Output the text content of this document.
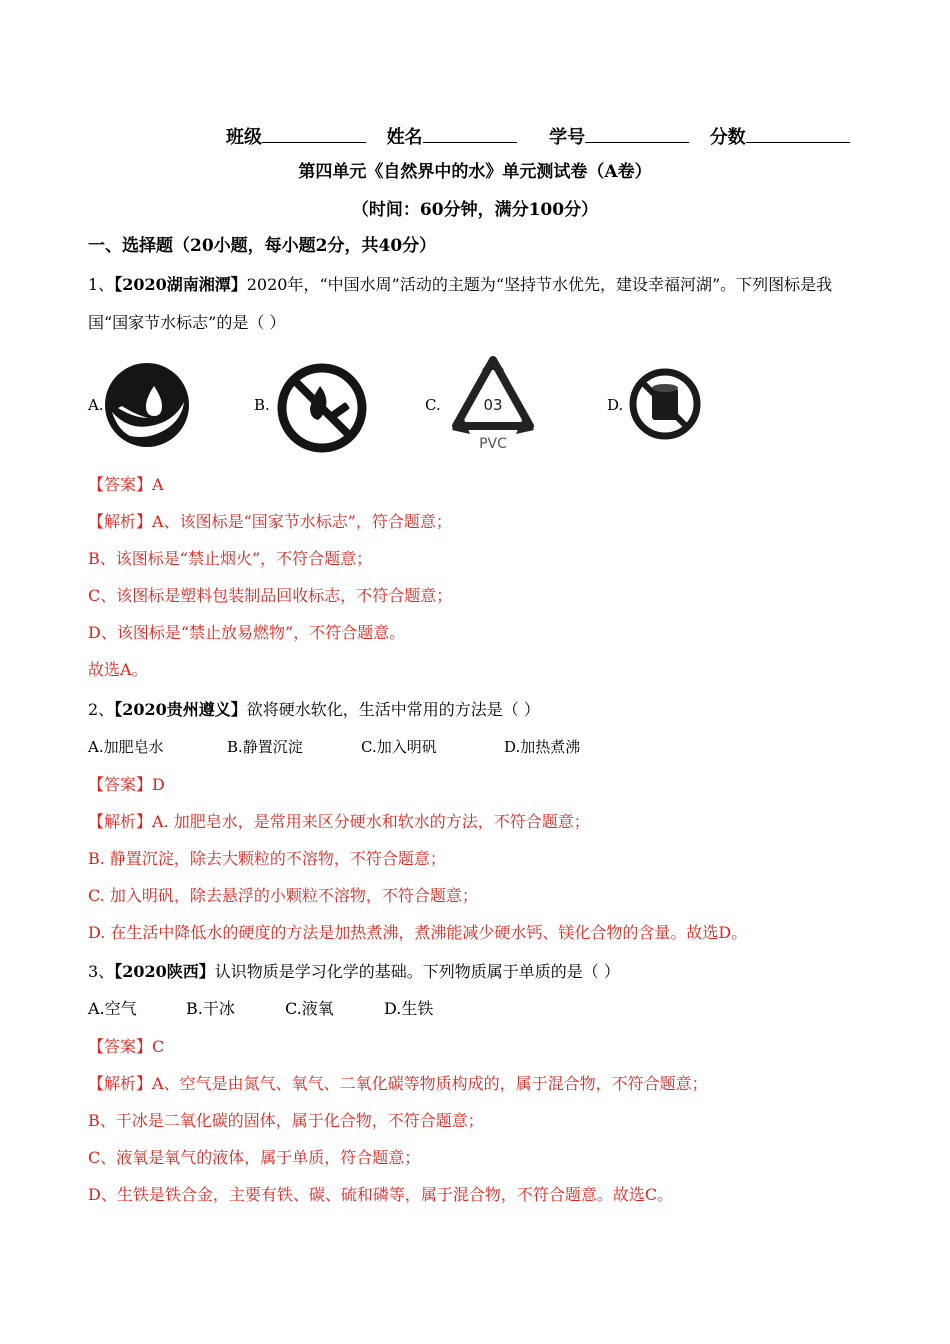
班级	姓名	学号	分数
第四单元《自然界中的水》单元测试卷（A卷）
（时间：60分钟，满分100分）
一、选择题（20小题，每小题2分，共40分）
1、【2020湖南湘潭】2020年，“中国水周”活动的主题为“坚持节水优先，建设幸福河湖”。下列图标是我
国“国家节水标志”的是（ ）
A.	B.	C.	03
PVC
D.
【答案】A
【解析】A、该图标是“国家节水标志”，符合题意；
B、该图标是“禁止烟火”，不符合题意；
C、该图标是塑料包装制品回收标志，不符合题意；
D、该图标是“禁止放易燃物”，不符合题意。
故选A。
2、【2020贵州遵义】欲将硬水软化，生活中常用的方法是（ ）
A.加肥皂水	B.静置沉淀	C.加入明矾	D.加热煮沸
【答案】D
【解析】A. 加肥皂水，是常用来区分硬水和软水的方法，不符合题意；
B. 静置沉淀，除去大颗粒的不溶物，不符合题意；
C. 加入明矾，除去悬浮的小颗粒不溶物，不符合题意；
D. 在生活中降低水的硬度的方法是加热煮沸，煮沸能减少硬水钙、镁化合物的含量。故选D。
3、【2020陕西】认识物质是学习化学的基础。下列物质属于单质的是（ ）
A.空气	B.干冰	C.液氧	D.生铁
【答案】C
【解析】A、空气是由氮气、氧气、二氧化碳等物质构成的，属于混合物，不符合题意；
B、干冰是二氧化碳的固体，属于化合物，不符合题意；
C、液氧是氧气的液体，属于单质，符合题意；
D、生铁是铁合金，主要有铁、碳、硫和磷等，属于混合物，不符合题意。故选C。
